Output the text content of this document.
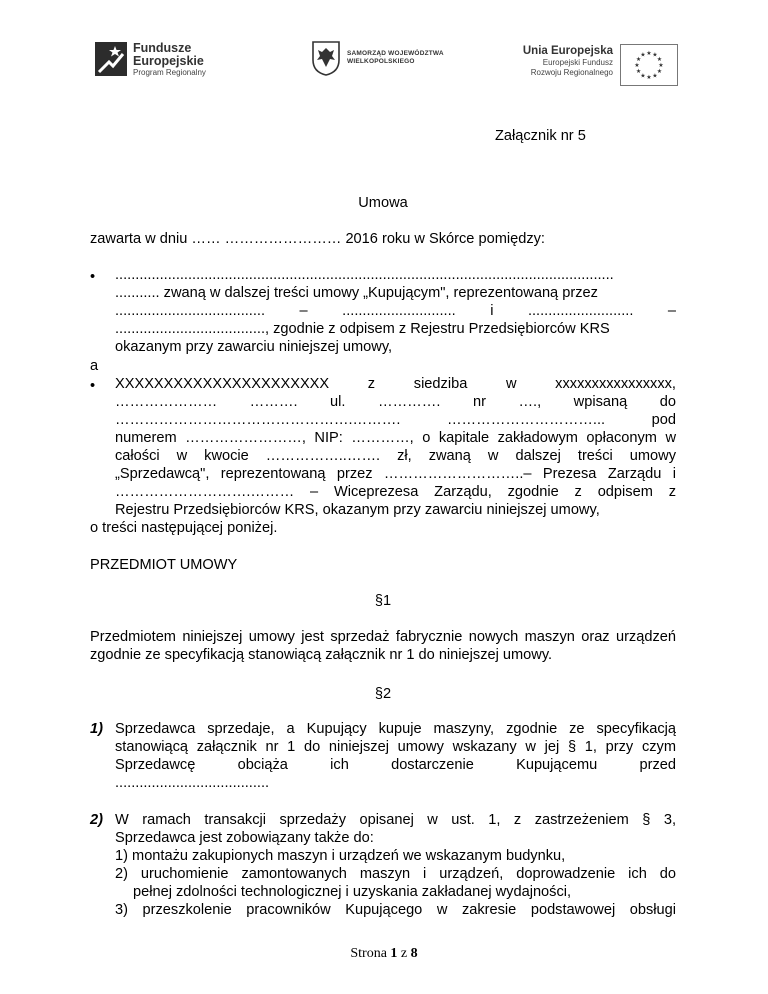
Fundusze
Europejskie
Program Regionalny
SAMORZĄD WOJEWÓDZTWA
WIELKOPOLSKIEGO
Unia Europejska
Europejski Fundusz
Rozwoju Regionalnego
★ ★
★
★
★
★
★
★
★
★
★
★
Załącznik nr 5
Umowa
zawarta w dniu …… …………………… 2016 roku w Skórce pomiędzy:
• ...........................................................................................................................
........... zwaną w dalszej treści umowy „Kupującym", reprezentowaną przez
..................................... – ............................ i .......................... –
....................................., zgodnie z odpisem z Rejestru Przedsiębiorców KRS
okazanym przy zawarciu niniejszej umowy,
a
• XXXXXXXXXXXXXXXXXXXXXX z siedziba w xxxxxxxxxxxxxxxx,
………………… ………. ul. …………. nr …., wpisaną do
………………………………………….………. …………………………... pod
numerem ……………………, NIP: …………, o kapitale zakładowym opłaconym w
całości w kwocie ……………..……. zł, zwaną w dalszej treści umowy
„Sprzedawcą", reprezentowaną przez ………………………..– Prezesa Zarządu i
……………………….……… – Wiceprezesa Zarządu, zgodnie z odpisem z
Rejestru Przedsiębiorców KRS, okazanym przy zawarciu niniejszej umowy,
o treści następującej poniżej.
PRZEDMIOT UMOWY
§1
Przedmiotem niniejszej umowy jest sprzedaż fabrycznie nowych maszyn oraz urządzeń zgodnie ze specyfikacją stanowiącą załącznik nr 1 do niniejszej umowy.
§2
1) Sprzedawca sprzedaje, a Kupujący kupuje maszyny, zgodnie ze specyfikacją
stanowiącą załącznik nr 1 do niniejszej umowy wskazany w jej § 1, przy czym
Sprzedawcę obciąża ich dostarczenie Kupującemu przed
......................................
2) W ramach transakcji sprzedaży opisanej w ust. 1, z zastrzeżeniem § 3,
Sprzedawca jest zobowiązany także do:
1) montażu zakupionych maszyn i urządzeń we wskazanym budynku,
2) uruchomienie zamontowanych maszyn i urządzeń, doprowadzenie ich do
pełnej zdolności technologicznej i uzyskania zakładanej wydajności,
3) przeszkolenie pracowników Kupującego w zakresie podstawowej obsługi
Strona 1 z 8
